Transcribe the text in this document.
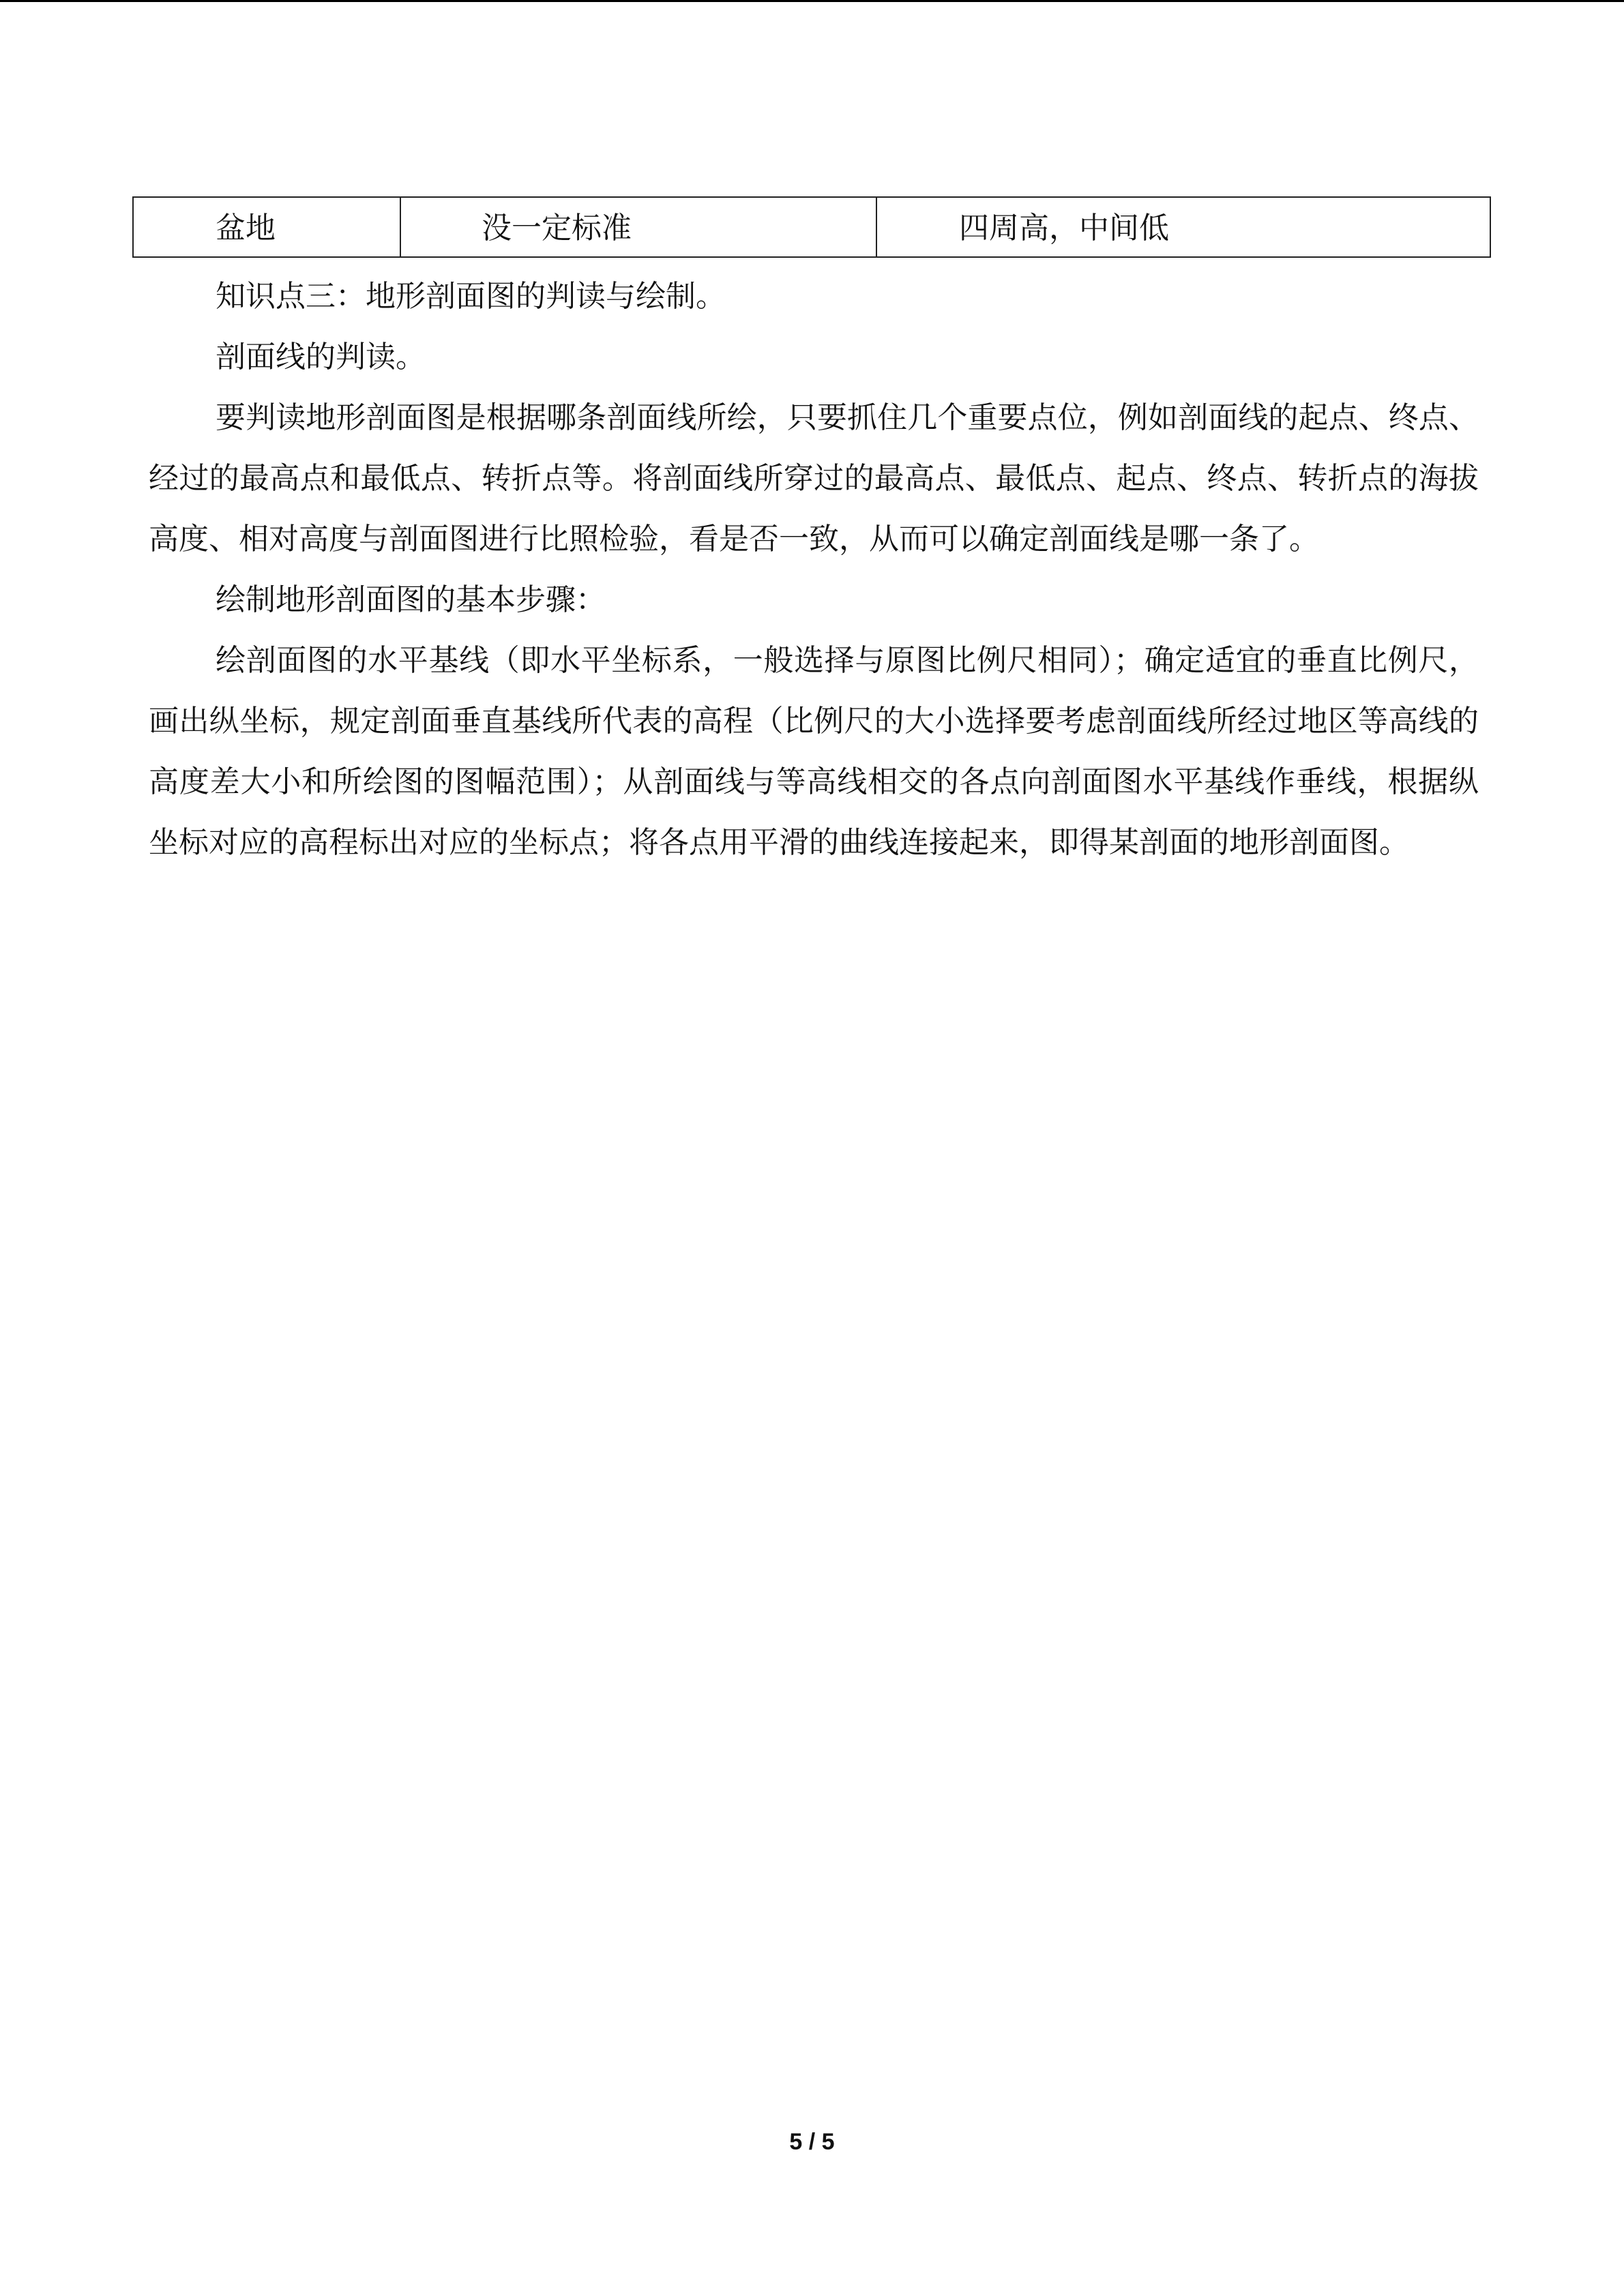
盆地	没一定标准	四周高，中间低

知识点三：地形剖面图的判读与绘制。

剖面线的判读。

要判读地形剖面图是根据哪条剖面线所绘，只要抓住几个重要点位，例如剖面线的起点、终点、经过的最高点和最低点、转折点等。将剖面线所穿过的最高点、最低点、起点、终点、转折点的海拔高度、相对高度与剖面图进行比照检验，看是否一致，从而可以确定剖面线是哪一条了。

绘制地形剖面图的基本步骤：

绘剖面图的水平基线（即水平坐标系，一般选择与原图比例尺相同）；确定适宜的垂直比例尺，画出纵坐标，规定剖面垂直基线所代表的高程（比例尺的大小选择要考虑剖面线所经过地区等高线的高度差大小和所绘图的图幅范围）；从剖面线与等高线相交的各点向剖面图水平基线作垂线，根据纵坐标对应的高程标出对应的坐标点；将各点用平滑的曲线连接起来，即得某剖面的地形剖面图。

5 / 5
